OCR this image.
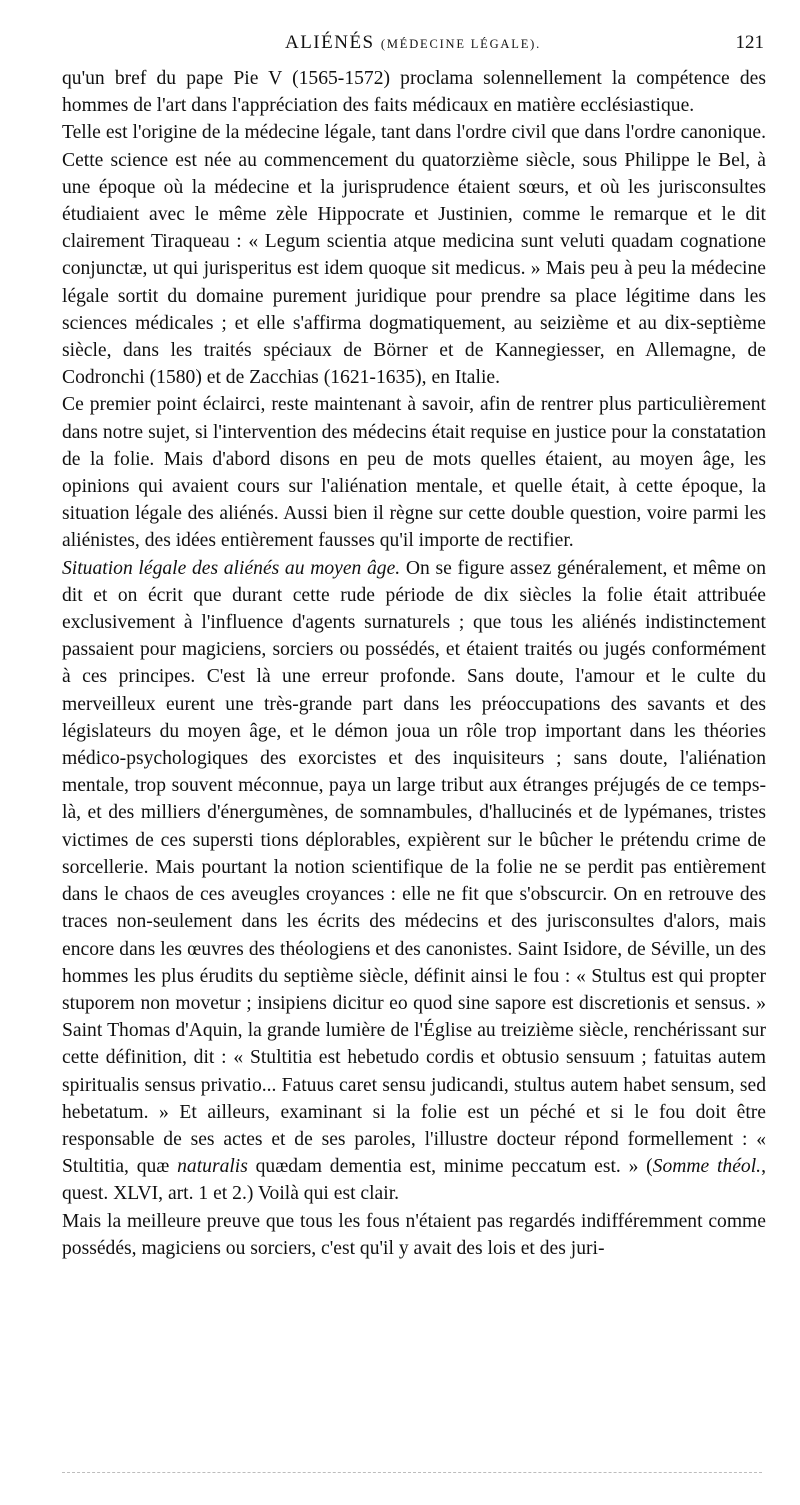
ALIÉNÉS (MÉDECINE LÉGALE).	121

qu'un bref du pape Pie V (1565-1572) proclama solennellement la compétence des hommes de l'art dans l'appréciation des faits médicaux en matière ecclésiastique.

Telle est l'origine de la médecine légale, tant dans l'ordre civil que dans l'ordre canonique. Cette science est née au commencement du quatorzième siècle, sous Philippe le Bel, à une époque où la médecine et la jurisprudence étaient sœurs, et où les jurisconsultes étudiaient avec le même zèle Hippocrate et Justinien, comme le remarque et le dit clairement Tiraqueau : « Legum scientia atque medicina sunt veluti quadam cognatione conjunctæ, ut qui jurisperitus est idem quoque sit medicus. » Mais peu à peu la médecine légale sortit du domaine purement juridique pour prendre sa place légitime dans les sciences médicales ; et elle s'affirma dogmatiquement, au seizième et au dix-septième siècle, dans les traités spéciaux de Börner et de Kannegiesser, en Allemagne, de Codronchi (1580) et de Zacchias (1621-1635), en Italie.

Ce premier point éclairci, reste maintenant à savoir, afin de rentrer plus particulièrement dans notre sujet, si l'intervention des médecins était requise en justice pour la constatation de la folie. Mais d'abord disons en peu de mots quelles étaient, au moyen âge, les opinions qui avaient cours sur l'aliénation mentale, et quelle était, à cette époque, la situation légale des aliénés. Aussi bien il règne sur cette double question, voire parmi les aliénistes, des idées entièrement fausses qu'il importe de rectifier.

Situation légale des aliénés au moyen âge. On se figure assez généralement, et même on dit et on écrit que durant cette rude période de dix siècles la folie était attribuée exclusivement à l'influence d'agents surnaturels ; que tous les aliénés indistinctement passaient pour magiciens, sorciers ou possédés, et étaient traités ou jugés conformément à ces principes. C'est là une erreur profonde. Sans doute, l'amour et le culte du merveilleux eurent une très-grande part dans les préoccupations des savants et des législateurs du moyen âge, et le démon joua un rôle trop important dans les théories médico-psychologiques des exorcistes et des inquisiteurs ; sans doute, l'aliénation mentale, trop souvent méconnue, paya un large tribut aux étranges préjugés de ce temps-là, et des milliers d'énergumènes, de somnambules, d'hallucinés et de lypémanes, tristes victimes de ces supersti tions déplorables, expièrent sur le bûcher le prétendu crime de sorcellerie. Mais pourtant la notion scientifique de la folie ne se perdit pas entièrement dans le chaos de ces aveugles croyances : elle ne fit que s'obscurcir. On en retrouve des traces non-seulement dans les écrits des médecins et des jurisconsultes d'alors, mais encore dans les œuvres des théologiens et des canonistes. Saint Isidore, de Séville, un des hommes les plus érudits du septième siècle, définit ainsi le fou : « Stultus est qui propter stuporem non movetur ; insipiens dicitur eo quod sine sapore est discretionis et sensus. » Saint Thomas d'Aquin, la grande lumière de l'Église au treizième siècle, renchérissant sur cette définition, dit : « Stultitia est hebetudo cordis et obtusio sensuum ; fatuitas autem spiritualis sensus privatio... Fatuus caret sensu judicandi, stultus autem habet sensum, sed hebetatum. » Et ailleurs, examinant si la folie est un péché et si le fou doit être responsable de ses actes et de ses paroles, l'illustre docteur répond formellement : « Stultitia, quæ naturalis quædam dementia est, minime peccatum est. » (Somme théol., quest. XLVI, art. 1 et 2.) Voilà qui est clair.

Mais la meilleure preuve que tous les fous n'étaient pas regardés indifféremment comme possédés, magiciens ou sorciers, c'est qu'il y avait des lois et des juri-
